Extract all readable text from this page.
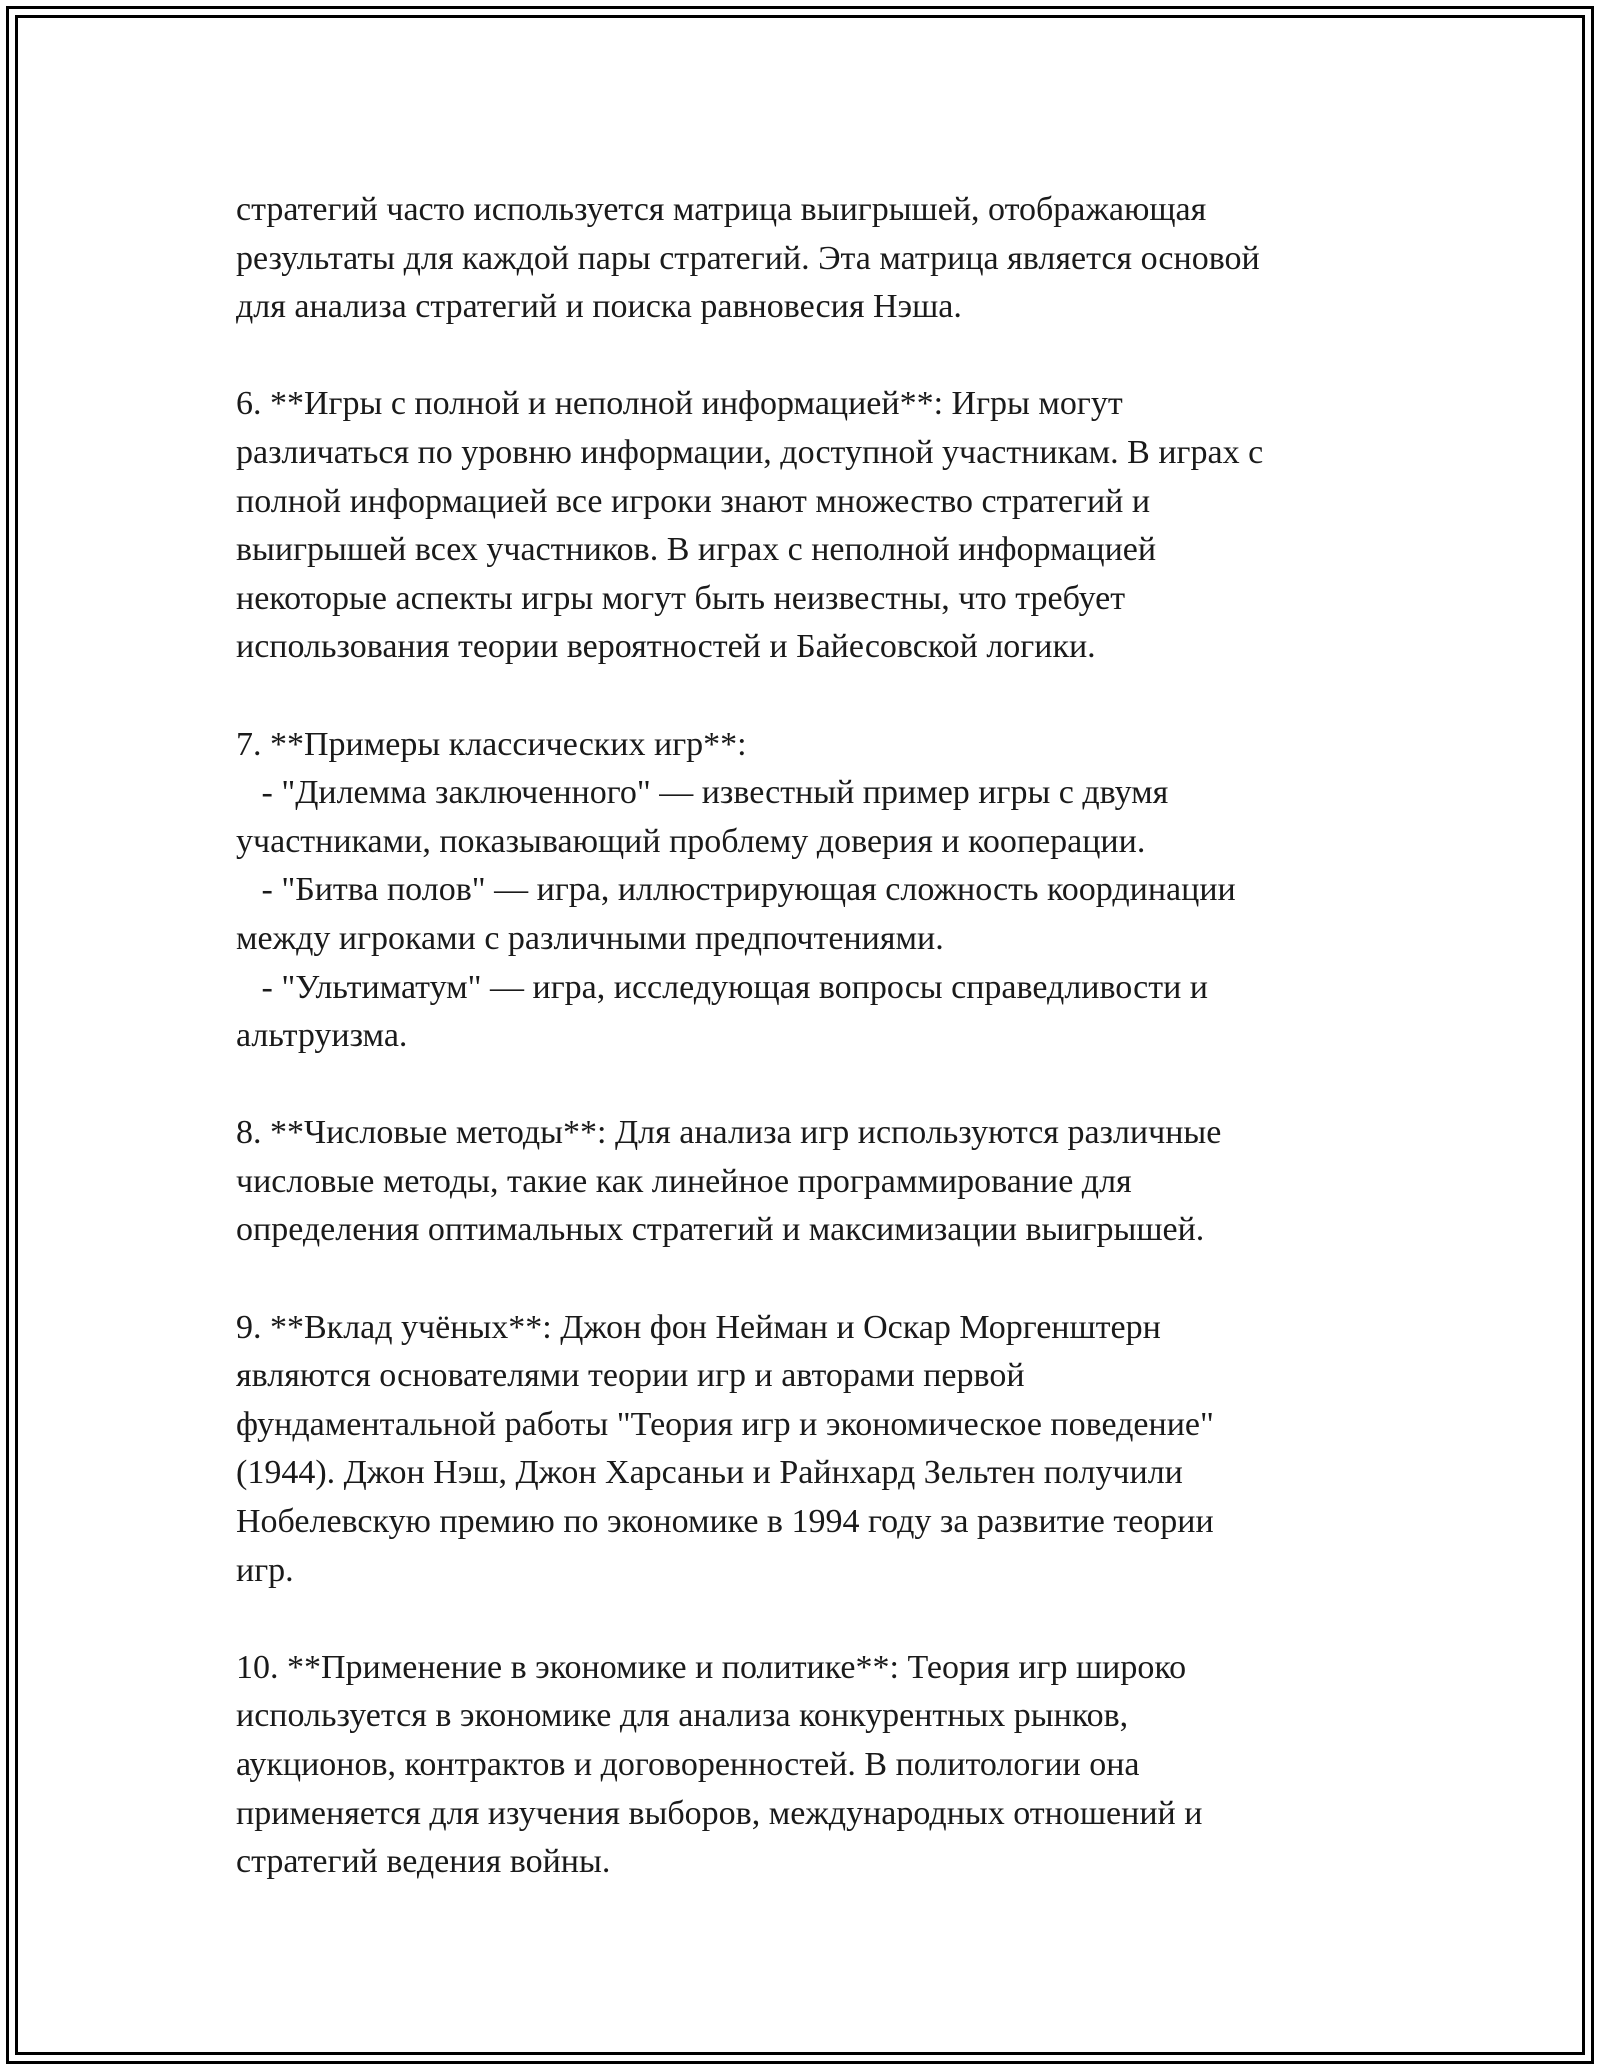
стратегий часто используется матрица выигрышей, отображающая
результаты для каждой пары стратегий. Эта матрица является основой
для анализа стратегий и поиска равновесия Нэша.
6. **Игры с полной и неполной информацией**: Игры могут
различаться по уровню информации, доступной участникам. В играх с
полной информацией все игроки знают множество стратегий и
выигрышей всех участников. В играх с неполной информацией
некоторые аспекты игры могут быть неизвестны, что требует
использования теории вероятностей и Байесовской логики.
7. **Примеры классических игр**:
- "Дилемма заключенного" — известный пример игры с двумя
участниками, показывающий проблему доверия и кооперации.
- "Битва полов" — игра, иллюстрирующая сложность координации
между игроками с различными предпочтениями.
- "Ультиматум" — игра, исследующая вопросы справедливости и
альтруизма.
8. **Числовые методы**: Для анализа игр используются различные
числовые методы, такие как линейное программирование для
определения оптимальных стратегий и максимизации выигрышей.
9. **Вклад учёных**: Джон фон Нейман и Оскар Моргенштерн
являются основателями теории игр и авторами первой
фундаментальной работы "Теория игр и экономическое поведение"
(1944). Джон Нэш, Джон Харсаньи и Райнхард Зельтен получили
Нобелевскую премию по экономике в 1994 году за развитие теории
игр.
10. **Применение в экономике и политике**: Теория игр широко
используется в экономике для анализа конкурентных рынков,
аукционов, контрактов и договоренностей. В политологии она
применяется для изучения выборов, международных отношений и
стратегий ведения войны.
